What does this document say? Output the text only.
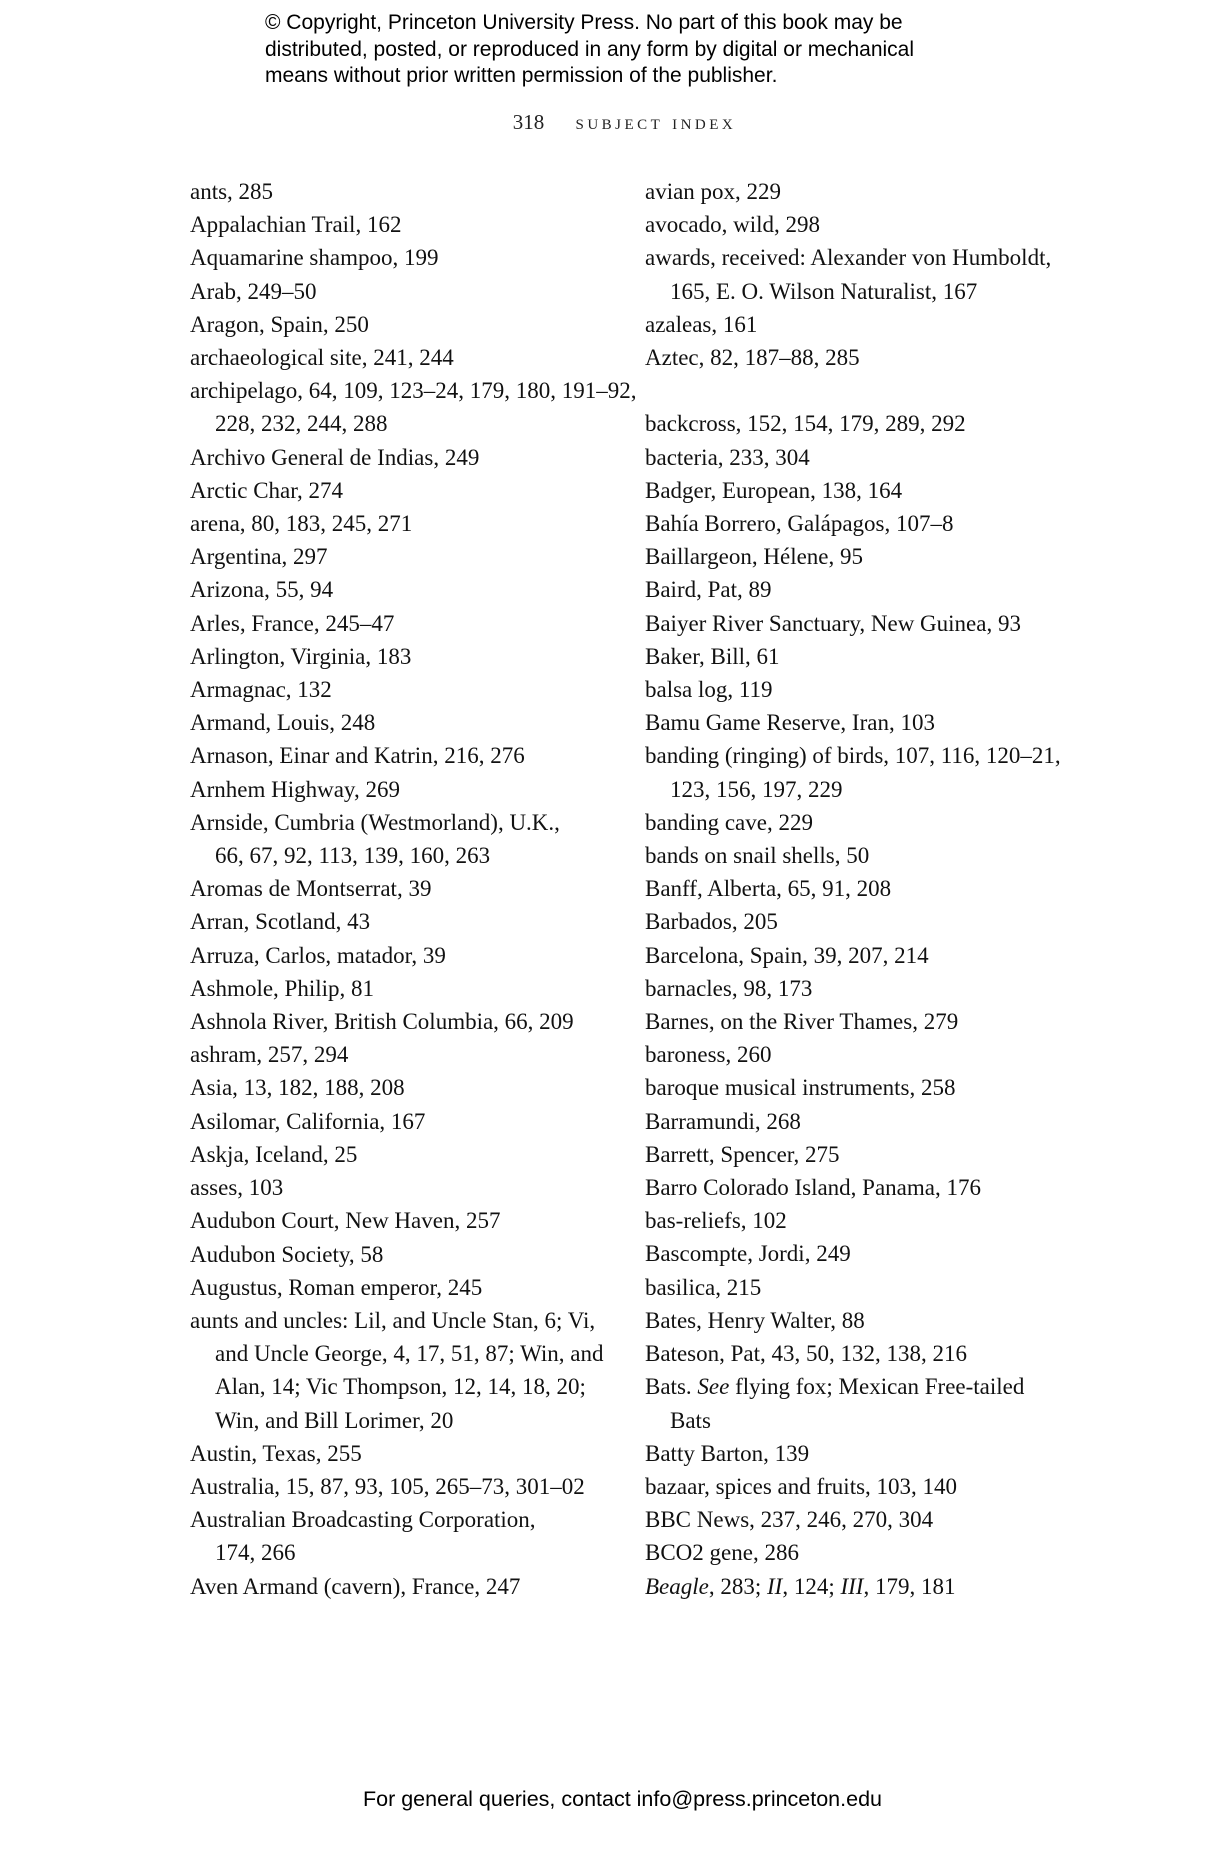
© Copyright, Princeton University Press. No part of this book may be
distributed, posted, or reproduced in any form by digital or mechanical
means without prior written permission of the publisher.
318 subject index
ants, 285
Appalachian Trail, 162
Aquamarine shampoo, 199
Arab, 249–50
Aragon, Spain, 250
archaeological site, 241, 244
archipelago, 64, 109, 123–24, 179, 180, 191–92,
228, 232, 244, 288
Archivo General de Indias, 249
Arctic Char, 274
arena, 80, 183, 245, 271
Argentina, 297
Arizona, 55, 94
Arles, France, 245–47
Arlington, Virginia, 183
Armagnac, 132
Armand, Louis, 248
Arnason, Einar and Katrin, 216, 276
Arnhem Highway, 269
Arnside, Cumbria (Westmorland), U.K.,
66, 67, 92, 113, 139, 160, 263
Aromas de Montserrat, 39
Arran, Scotland, 43
Arruza, Carlos, matador, 39
Ashmole, Philip, 81
Ashnola River, British Columbia, 66, 209
ashram, 257, 294
Asia, 13, 182, 188, 208
Asilomar, California, 167
Askja, Iceland, 25
asses, 103
Audubon Court, New Haven, 257
Audubon Society, 58
Augustus, Roman emperor, 245
aunts and uncles: Lil, and Uncle Stan, 6; Vi,
and Uncle George, 4, 17, 51, 87; Win, and
Alan, 14; Vic Thompson, 12, 14, 18, 20;
Win, and Bill Lorimer, 20
Austin, Texas, 255
Australia, 15, 87, 93, 105, 265–73, 301–02
Australian Broadcasting Corporation,
174, 266
Aven Armand (cavern), France, 247
avian pox, 229
avocado, wild, 298
awards, received: Alexander von Humboldt,
165, E. O. Wilson Naturalist, 167
azaleas, 161
Aztec, 82, 187–88, 285
backcross, 152, 154, 179, 289, 292
bacteria, 233, 304
Badger, European, 138, 164
Bahía Borrero, Galápagos, 107–8
Baillargeon, Hélene, 95
Baird, Pat, 89
Baiyer River Sanctuary, New Guinea, 93
Baker, Bill, 61
balsa log, 119
Bamu Game Reserve, Iran, 103
banding (ringing) of birds, 107, 116, 120–21,
123, 156, 197, 229
banding cave, 229
bands on snail shells, 50
Banff, Alberta, 65, 91, 208
Barbados, 205
Barcelona, Spain, 39, 207, 214
barnacles, 98, 173
Barnes, on the River Thames, 279
baroness, 260
baroque musical instruments, 258
Barramundi, 268
Barrett, Spencer, 275
Barro Colorado Island, Panama, 176
bas-reliefs, 102
Bascompte, Jordi, 249
basilica, 215
Bates, Henry Walter, 88
Bateson, Pat, 43, 50, 132, 138, 216
Bats. See flying fox; Mexican Free-tailed
Bats
Batty Barton, 139
bazaar, spices and fruits, 103, 140
BBC News, 237, 246, 270, 304
BCO2 gene, 286
Beagle, 283; II, 124; III, 179, 181
For general queries, contact info@press.princeton.edu
